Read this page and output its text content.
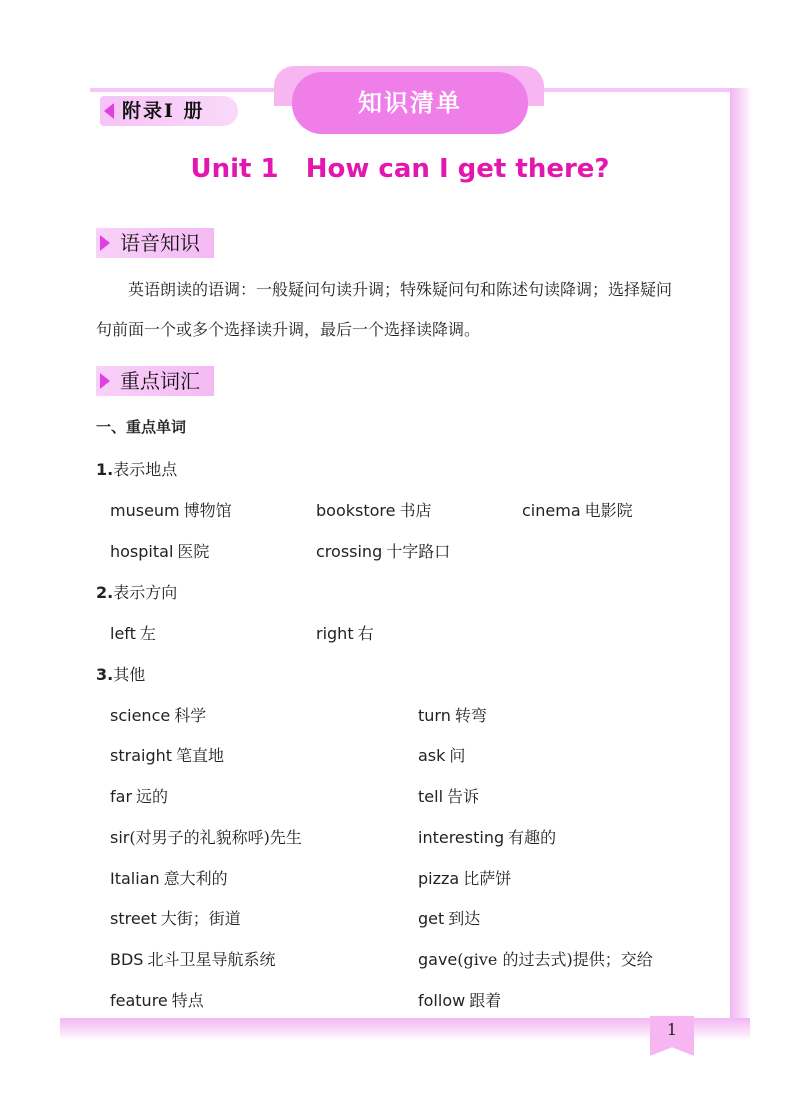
附录Ⅰ 册	知识清单
Unit 1   How can I get there?
语音知识
英语朗读的语调：一般疑问句读升调；特殊疑问句和陈述句读降调；选择疑问
句前面一个或多个选择读升调，最后一个选择读降调。
重点词汇
一、重点单词
1.表示地点
museum 博物馆	bookstore 书店	cinema 电影院
hospital 医院	crossing 十字路口
2.表示方向
left 左	right 右
3.其他
science 科学	turn 转弯
straight 笔直地	ask 问
far 远的	tell 告诉
sir(对男子的礼貌称呼)先生	interesting 有趣的
Italian 意大利的	pizza 比萨饼
street 大街；街道	get 到达
BDS 北斗卫星导航系统	gave(give 的过去式)提供；交给
feature 特点	follow 跟着
1
